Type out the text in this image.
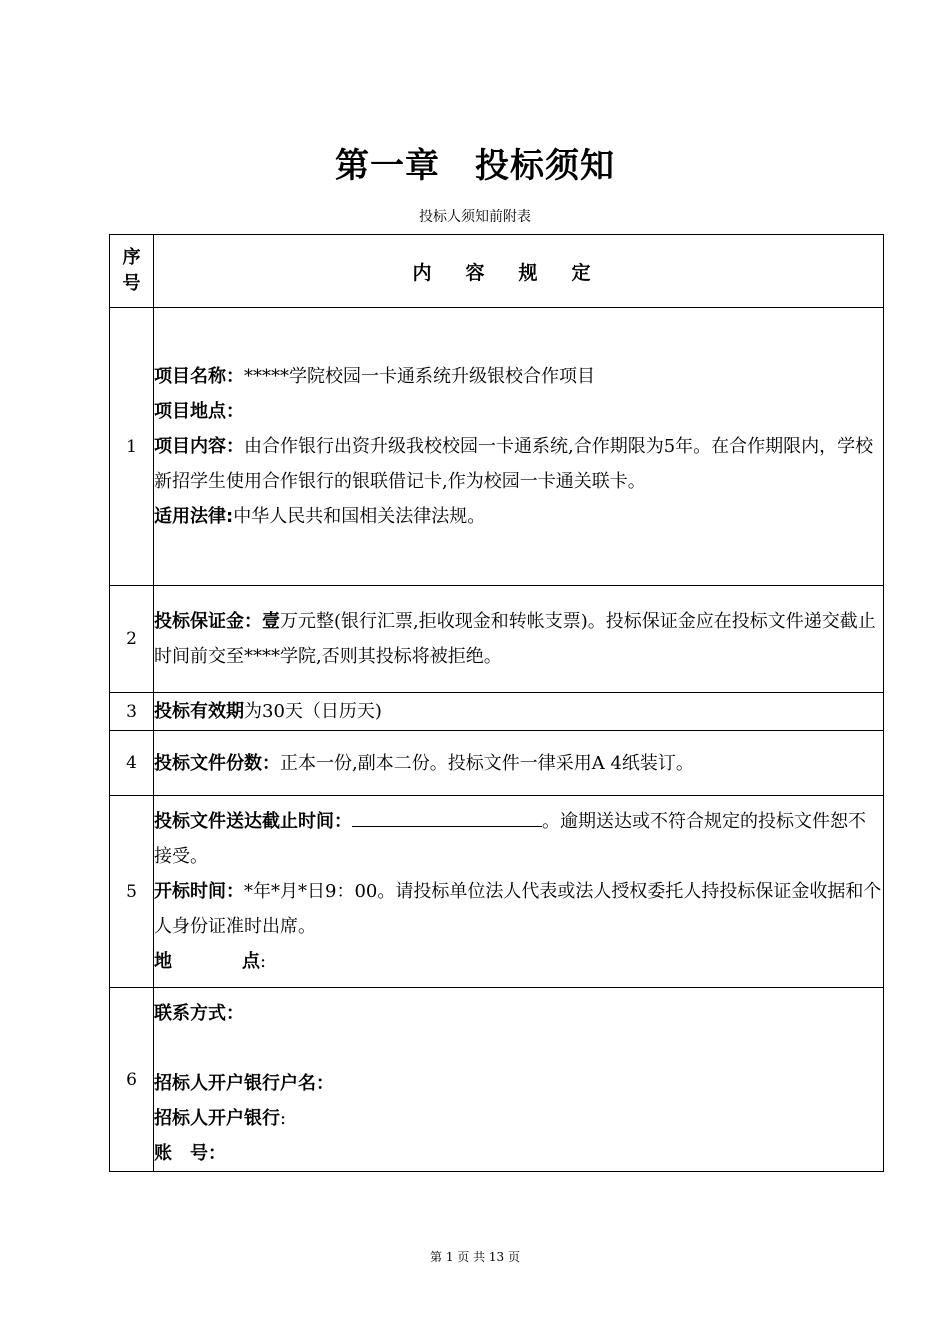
第一章　投标须知
投标人须知前附表
序
号	内容规定
1	项目名称：*****学院校园一卡通系统升级银校合作项目
项目地点：
项目内容：由合作银行出资升级我校校园一卡通系统,合作期限为5年。在合作期限内，学校新招学生使用合作银行的银联借记卡,作为校园一卡通关联卡。
适用法律:中华人民共和国相关法律法规。

2	投标保证金：壹万元整(银行汇票,拒收现金和转帐支票)。投标保证金应在投标文件递交截止时间前交至****学院,否则其投标将被拒绝。
3	投标有效期为30天（日历天)
4	投标文件份数：正本一份,副本二份。投标文件一律采用A 4纸装订。
5	投标文件送达截止时间： 。逾期送达或不符合规定的投标文件恕不接受。
开标时间：*年*月*日9：00。请投标单位法人代表或法人授权委托人持投标保证金收据和个人身份证准时出席。
地 点:

6	联系方式：
招标人开户银行户名：
招标人开户银行:
账　号：
第 1 页 共 13 页
